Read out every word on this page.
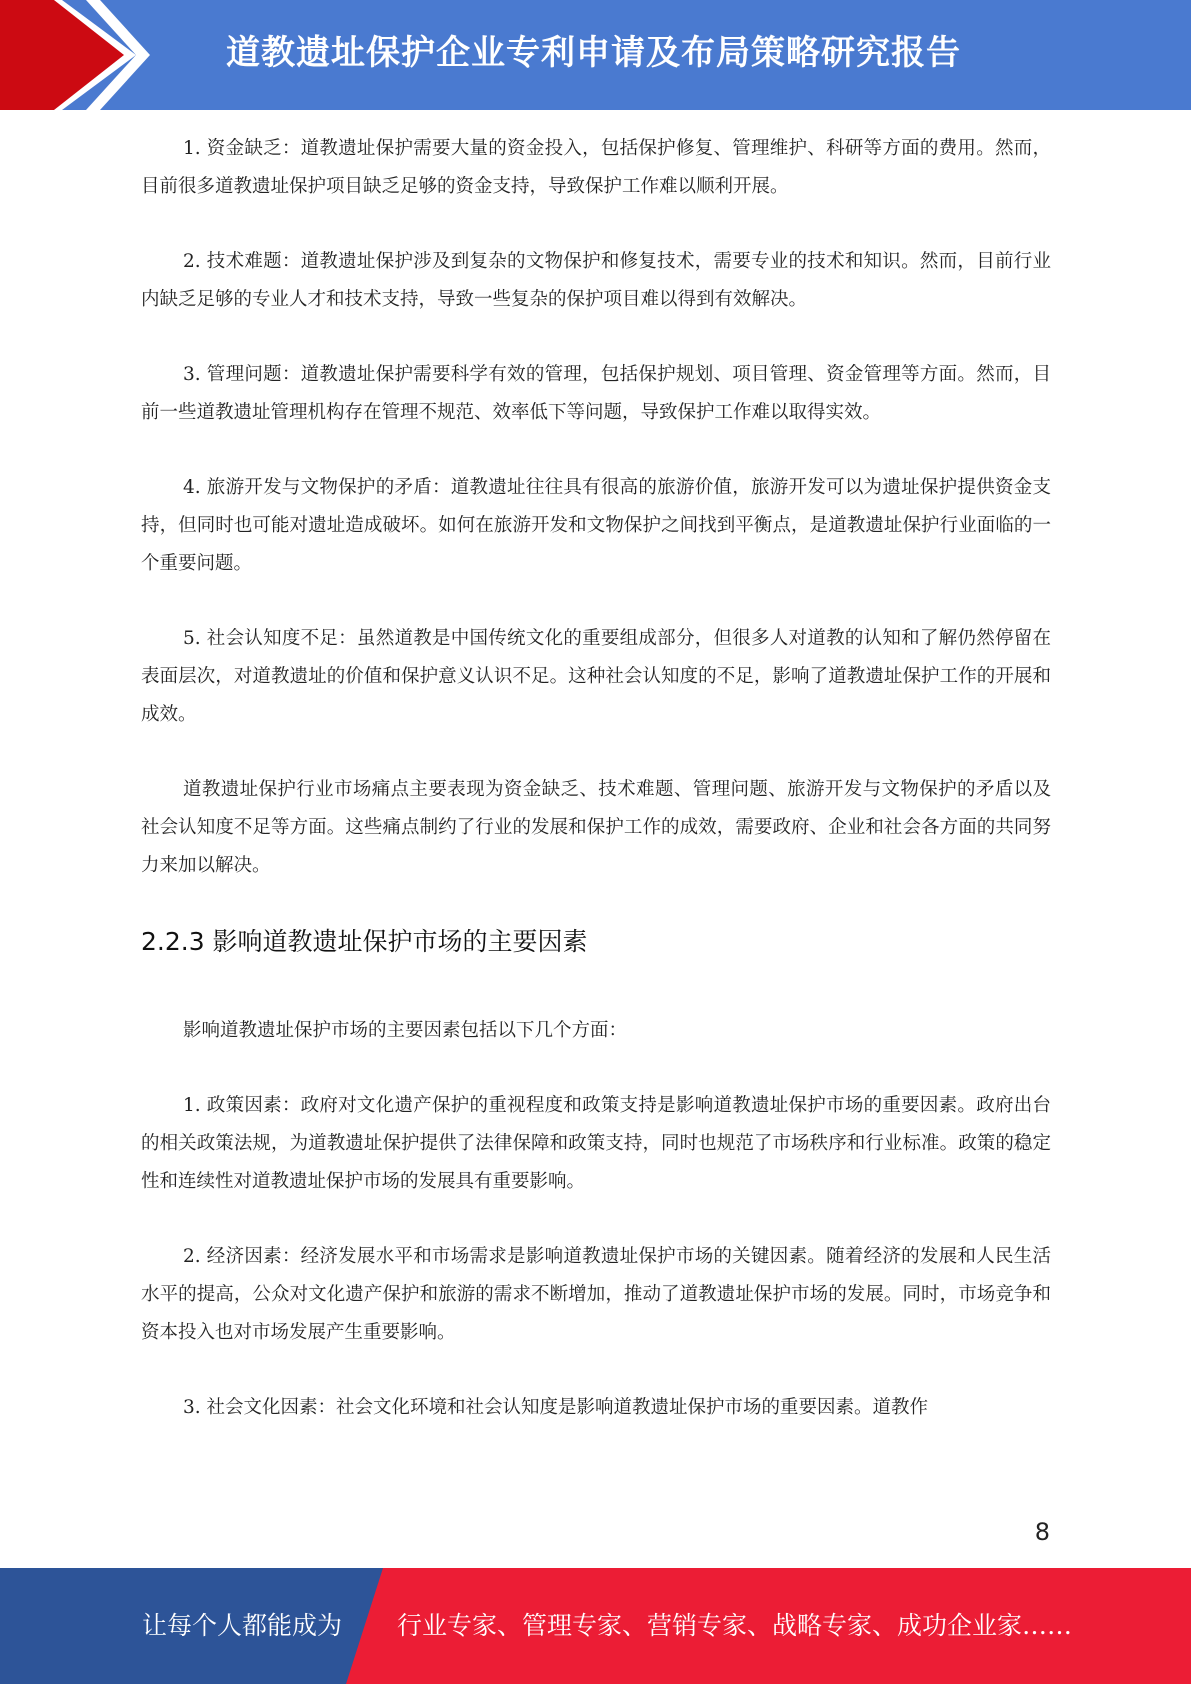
道教遗址保护企业专利申请及布局策略研究报告

1. 资金缺乏：道教遗址保护需要大量的资金投入，包括保护修复、管理维护、科研等方面的费用。然而，目前很多道教遗址保护项目缺乏足够的资金支持，导致保护工作难以顺利开展。

2. 技术难题：道教遗址保护涉及到复杂的文物保护和修复技术，需要专业的技术和知识。然而，目前行业内缺乏足够的专业人才和技术支持，导致一些复杂的保护项目难以得到有效解决。

3. 管理问题：道教遗址保护需要科学有效的管理，包括保护规划、项目管理、资金管理等方面。然而，目前一些道教遗址管理机构存在管理不规范、效率低下等问题，导致保护工作难以取得实效。

4. 旅游开发与文物保护的矛盾：道教遗址往往具有很高的旅游价值，旅游开发可以为遗址保护提供资金支持，但同时也可能对遗址造成破坏。如何在旅游开发和文物保护之间找到平衡点，是道教遗址保护行业面临的一个重要问题。

5. 社会认知度不足：虽然道教是中国传统文化的重要组成部分，但很多人对道教的认知和了解仍然停留在表面层次，对道教遗址的价值和保护意义认识不足。这种社会认知度的不足，影响了道教遗址保护工作的开展和成效。

道教遗址保护行业市场痛点主要表现为资金缺乏、技术难题、管理问题、旅游开发与文物保护的矛盾以及社会认知度不足等方面。这些痛点制约了行业的发展和保护工作的成效，需要政府、企业和社会各方面的共同努力来加以解决。

2.2.3 影响道教遗址保护市场的主要因素

影响道教遗址保护市场的主要因素包括以下几个方面：

1. 政策因素：政府对文化遗产保护的重视程度和政策支持是影响道教遗址保护市场的重要因素。政府出台的相关政策法规，为道教遗址保护提供了法律保障和政策支持，同时也规范了市场秩序和行业标准。政策的稳定性和连续性对道教遗址保护市场的发展具有重要影响。

2. 经济因素：经济发展水平和市场需求是影响道教遗址保护市场的关键因素。随着经济的发展和人民生活水平的提高，公众对文化遗产保护和旅游的需求不断增加，推动了道教遗址保护市场的发展。同时，市场竞争和资本投入也对市场发展产生重要影响。

3. 社会文化因素：社会文化环境和社会认知度是影响道教遗址保护市场的重要因素。道教作

8
让每个人都能成为 行业专家、管理专家、营销专家、战略专家、成功企业家……
